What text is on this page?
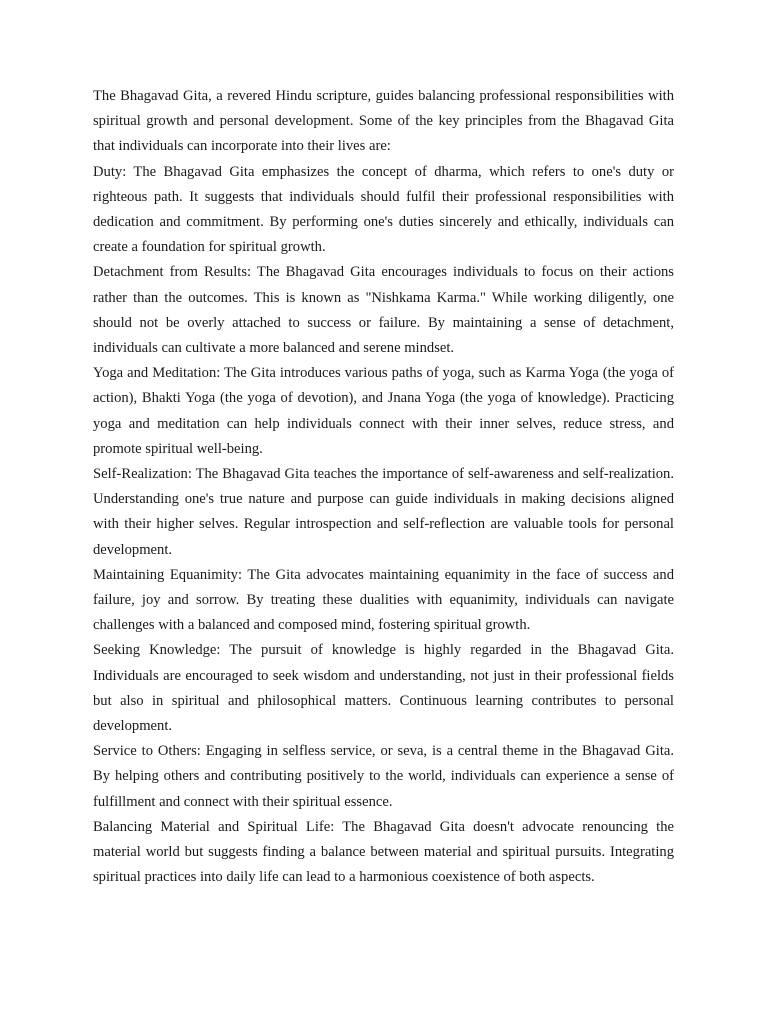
The Bhagavad Gita, a revered Hindu scripture, guides balancing professional responsibilities with spiritual growth and personal development. Some of the key principles from the Bhagavad Gita that individuals can incorporate into their lives are:

Duty: The Bhagavad Gita emphasizes the concept of dharma, which refers to one's duty or righteous path. It suggests that individuals should fulfil their professional responsibilities with dedication and commitment. By performing one's duties sincerely and ethically, individuals can create a foundation for spiritual growth.

Detachment from Results: The Bhagavad Gita encourages individuals to focus on their actions rather than the outcomes. This is known as "Nishkama Karma." While working diligently, one should not be overly attached to success or failure. By maintaining a sense of detachment, individuals can cultivate a more balanced and serene mindset.

Yoga and Meditation: The Gita introduces various paths of yoga, such as Karma Yoga (the yoga of action), Bhakti Yoga (the yoga of devotion), and Jnana Yoga (the yoga of knowledge). Practicing yoga and meditation can help individuals connect with their inner selves, reduce stress, and promote spiritual well-being.

Self-Realization: The Bhagavad Gita teaches the importance of self-awareness and self-realization. Understanding one's true nature and purpose can guide individuals in making decisions aligned with their higher selves. Regular introspection and self-reflection are valuable tools for personal development.

Maintaining Equanimity: The Gita advocates maintaining equanimity in the face of success and failure, joy and sorrow. By treating these dualities with equanimity, individuals can navigate challenges with a balanced and composed mind, fostering spiritual growth.

Seeking Knowledge: The pursuit of knowledge is highly regarded in the Bhagavad Gita. Individuals are encouraged to seek wisdom and understanding, not just in their professional fields but also in spiritual and philosophical matters. Continuous learning contributes to personal development.

Service to Others: Engaging in selfless service, or seva, is a central theme in the Bhagavad Gita. By helping others and contributing positively to the world, individuals can experience a sense of fulfillment and connect with their spiritual essence.

Balancing Material and Spiritual Life: The Bhagavad Gita doesn't advocate renouncing the material world but suggests finding a balance between material and spiritual pursuits. Integrating spiritual practices into daily life can lead to a harmonious coexistence of both aspects.
